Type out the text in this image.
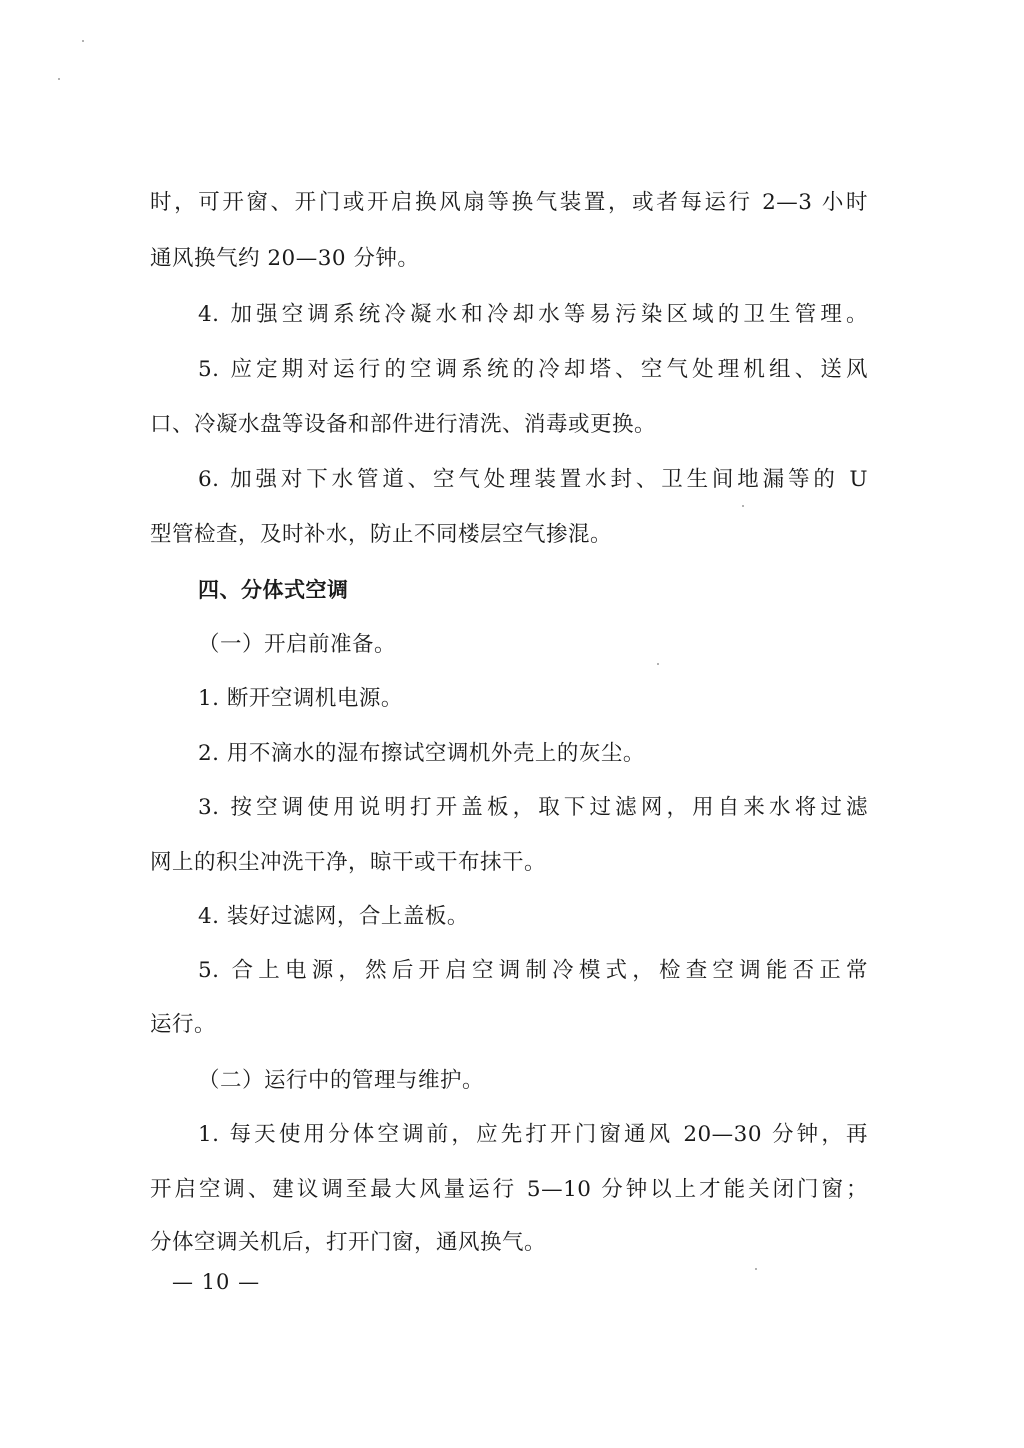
时，可开窗、开门或开启换风扇等换气装置，或者每运行 2—3 小时
通风换气约 20—30 分钟。
4. 加强空调系统冷凝水和冷却水等易污染区域的卫生管理。
5. 应定期对运行的空调系统的冷却塔、空气处理机组、送风
口、冷凝水盘等设备和部件进行清洗、消毒或更换。
6. 加强对下水管道、空气处理装置水封、卫生间地漏等的 U
型管检查，及时补水，防止不同楼层空气掺混。
四、分体式空调
（一）开启前准备。
1. 断开空调机电源。
2. 用不滴水的湿布擦试空调机外壳上的灰尘。
3. 按空调使用说明打开盖板，取下过滤网，用自来水将过滤
网上的积尘冲洗干净，晾干或干布抹干。
4. 装好过滤网，合上盖板。
5. 合上电源，然后开启空调制冷模式，检查空调能否正常
运行。
（二）运行中的管理与维护。
1. 每天使用分体空调前，应先打开门窗通风 20—30 分钟，再
开启空调、建议调至最大风量运行 5—10 分钟以上才能关闭门窗；
分体空调关机后，打开门窗，通风换气。
— 10 —
